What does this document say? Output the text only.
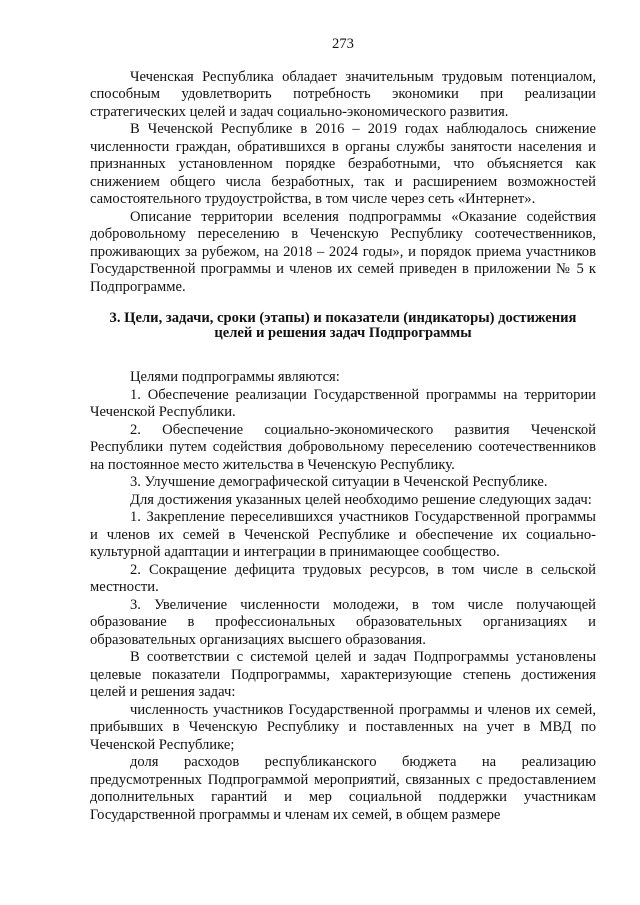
273

Чеченская Республика обладает значительным трудовым потенциалом, способным удовлетворить потребность экономики при реализации стратегических целей и задач социально-экономического развития.

В Чеченской Республике в 2016 – 2019 годах наблюдалось снижение численности граждан, обратившихся в органы службы занятости населения и признанных установленном порядке безработными, что объясняется как снижением общего числа безработных, так и расширением возможностей самостоятельного трудоустройства, в том числе через сеть «Интернет».

Описание территории вселения подпрограммы «Оказание содействия добровольному переселению в Чеченскую Республику соотечественников, проживающих за рубежом, на 2018 – 2024 годы», и порядок приема участников Государственной программы и членов их семей приведен в приложении № 5 к Подпрограмме.

3. Цели, задачи, сроки (этапы) и показатели (индикаторы) достижения целей и решения задач Подпрограммы

Целями подпрограммы являются:

1. Обеспечение реализации Государственной программы на территории Чеченской Республики.

2. Обеспечение социально-экономического развития Чеченской Республики путем содействия добровольному переселению соотечественников на постоянное место жительства в Чеченскую Республику.

3. Улучшение демографической ситуации в Чеченской Республике.

Для достижения указанных целей необходимо решение следующих задач:

1. Закрепление переселившихся участников Государственной программы и членов их семей в Чеченской Республике и обеспечение их социально-культурной адаптации и интеграции в принимающее сообщество.

2. Сокращение дефицита трудовых ресурсов, в том числе в сельской местности.

3. Увеличение численности молодежи, в том числе получающей образование в профессиональных образовательных организациях и образовательных организациях высшего образования.

В соответствии с системой целей и задач Подпрограммы установлены целевые показатели Подпрограммы, характеризующие степень достижения целей и решения задач:

численность участников Государственной программы и членов их семей, прибывших в Чеченскую Республику и поставленных на учет в МВД по Чеченской Республике;

доля расходов республиканского бюджета на реализацию предусмотренных Подпрограммой мероприятий, связанных с предоставлением дополнительных гарантий и мер социальной поддержки участникам Государственной программы и членам их семей, в общем размере
